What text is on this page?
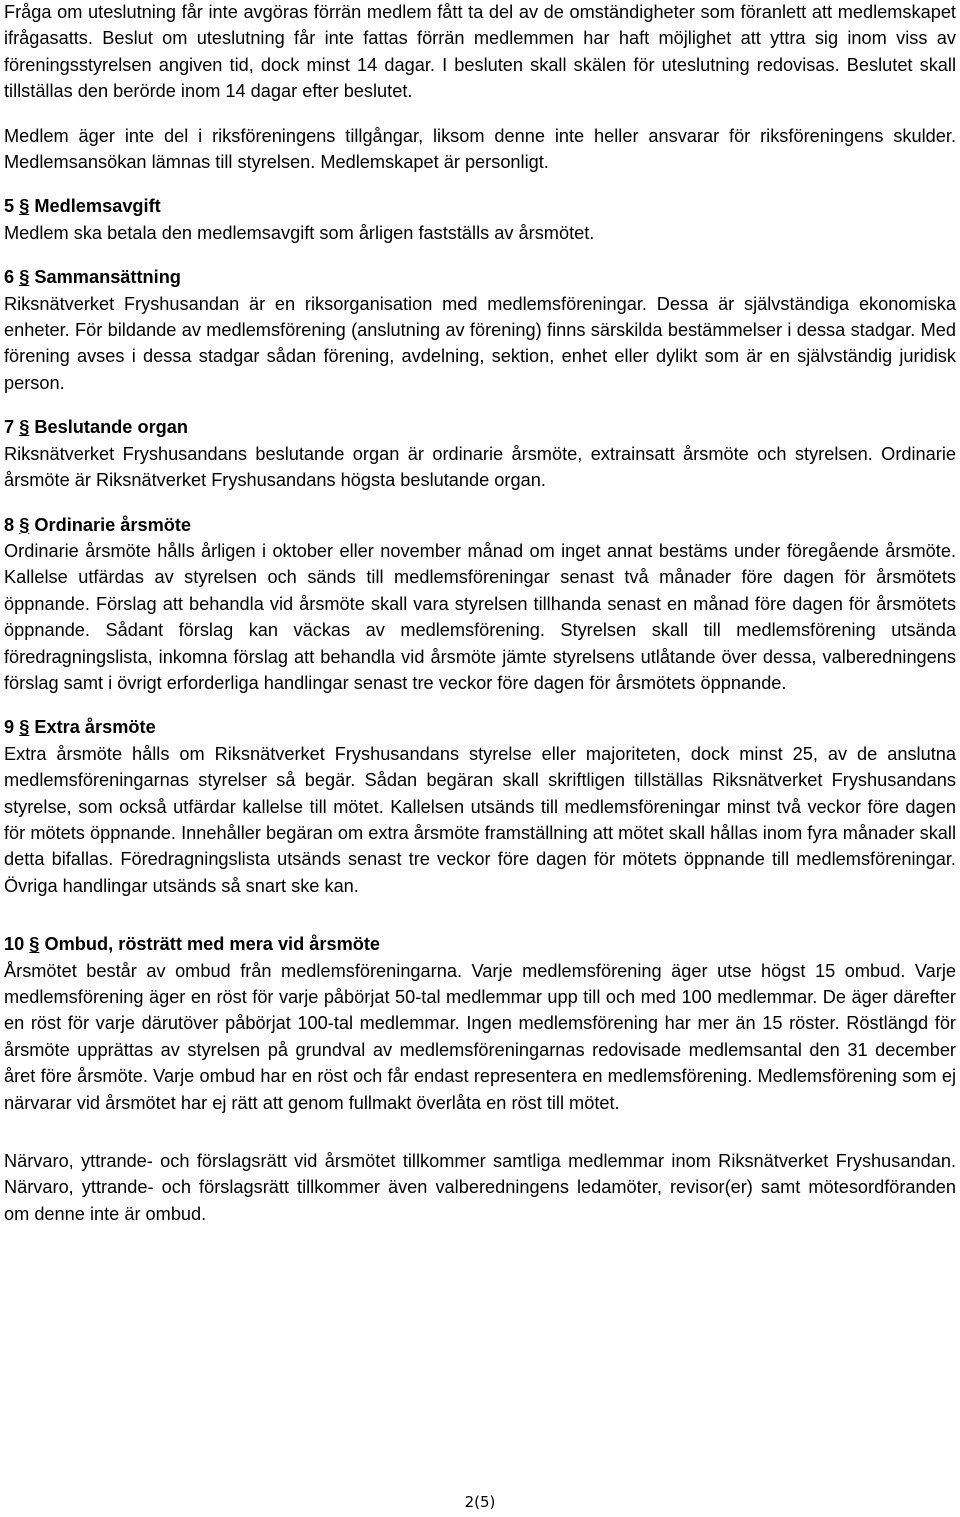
Fråga om uteslutning får inte avgöras förrän medlem fått ta del av de omständigheter som föranlett att medlemskapet ifrågasatts. Beslut om uteslutning får inte fattas förrän medlemmen har haft möjlighet att yttra sig inom viss av föreningsstyrelsen angiven tid, dock minst 14 dagar. I besluten skall skälen för uteslutning redovisas. Beslutet skall tillställas den berörde inom 14 dagar efter beslutet.

Medlem äger inte del i riksföreningens tillgångar, liksom denne inte heller ansvarar för riksföreningens skulder. Medlemsansökan lämnas till styrelsen. Medlemskapet är personligt.

5 § Medlemsavgift

Medlem ska betala den medlemsavgift som årligen fastställs av årsmötet.

6 § Sammansättning

Riksnätverket Fryshusandan är en riksorganisation med medlemsföreningar. Dessa är självständiga ekonomiska enheter. För bildande av medlemsförening (anslutning av förening) finns särskilda bestämmelser i dessa stadgar. Med förening avses i dessa stadgar sådan förening, avdelning, sektion, enhet eller dylikt som är en självständig juridisk person.

7 § Beslutande organ

Riksnätverket Fryshusandans beslutande organ är ordinarie årsmöte, extrainsatt årsmöte och styrelsen. Ordinarie årsmöte är Riksnätverket Fryshusandans högsta beslutande organ.

8 § Ordinarie årsmöte

Ordinarie årsmöte hålls årligen i oktober eller november månad om inget annat bestäms under föregående årsmöte. Kallelse utfärdas av styrelsen och sänds till medlemsföreningar senast två månader före dagen för årsmötets öppnande. Förslag att behandla vid årsmöte skall vara styrelsen tillhanda senast en månad före dagen för årsmötets öppnande. Sådant förslag kan väckas av medlemsförening. Styrelsen skall till medlemsförening utsända föredragningslista, inkomna förslag att behandla vid årsmöte jämte styrelsens utlåtande över dessa, valberedningens förslag samt i övrigt erforderliga handlingar senast tre veckor före dagen för årsmötets öppnande.

9 § Extra årsmöte

Extra årsmöte hålls om Riksnätverket Fryshusandans styrelse eller majoriteten, dock minst 25, av de anslutna medlemsföreningarnas styrelser så begär. Sådan begäran skall skriftligen tillställas Riksnätverket Fryshusandans styrelse, som också utfärdar kallelse till mötet. Kallelsen utsänds till medlemsföreningar minst två veckor före dagen för mötets öppnande. Innehåller begäran om extra årsmöte framställning att mötet skall hållas inom fyra månader skall detta bifallas. Föredragningslista utsänds senast tre veckor före dagen för mötets öppnande till medlemsföreningar. Övriga handlingar utsänds så snart ske kan.

10 § Ombud, rösträtt med mera vid årsmöte

Årsmötet består av ombud från medlemsföreningarna. Varje medlemsförening äger utse högst 15 ombud. Varje medlemsförening äger en röst för varje påbörjat 50-tal medlemmar upp till och med 100 medlemmar. De äger därefter en röst för varje därutöver påbörjat 100-tal medlemmar. Ingen medlemsförening har mer än 15 röster. Röstlängd för årsmöte upprättas av styrelsen på grundval av medlemsföreningarnas redovisade medlemsantal den 31 december året före årsmöte. Varje ombud har en röst och får endast representera en medlemsförening. Medlemsförening som ej närvarar vid årsmötet har ej rätt att genom fullmakt överlåta en röst till mötet.

Närvaro, yttrande- och förslagsrätt vid årsmötet tillkommer samtliga medlemmar inom Riksnätverket Fryshusandan. Närvaro, yttrande- och förslagsrätt tillkommer även valberedningens ledamöter, revisor(er) samt mötesordföranden om denne inte är ombud.

2(5)
